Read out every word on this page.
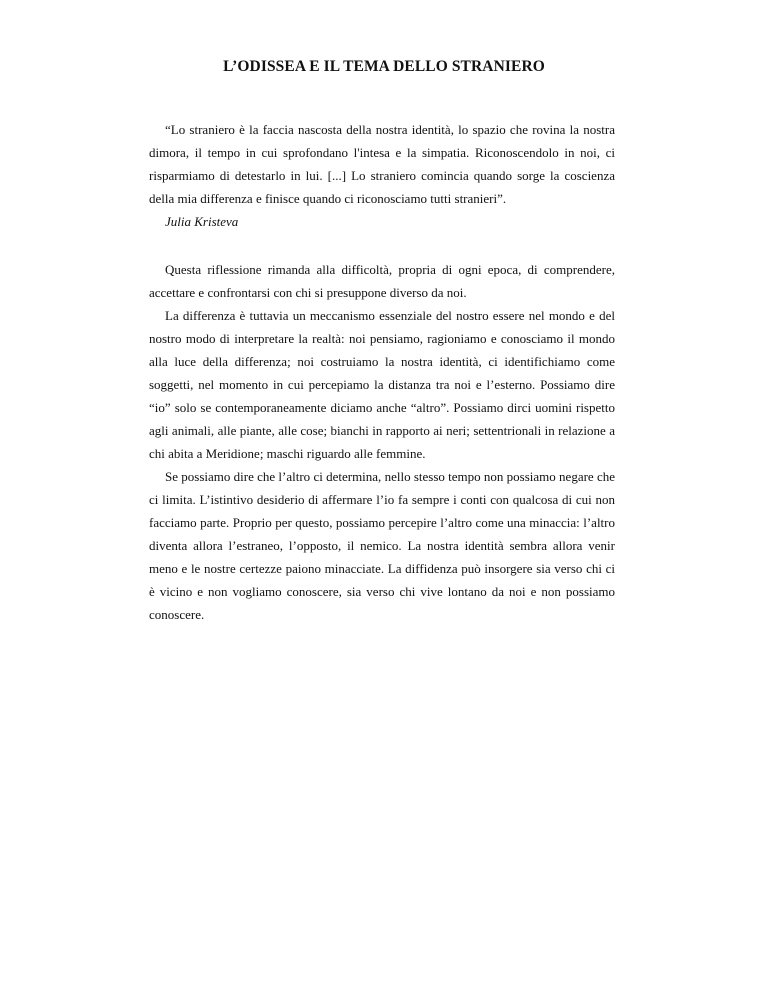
L’ODISSEA E IL TEMA DELLO STRANIERO

“Lo straniero è la faccia nascosta della nostra identità, lo spazio che rovina la nostra dimora, il tempo in cui sprofondano l'intesa e la simpatia. Riconoscendolo in noi, ci risparmiamo di detestarlo in lui. [...] Lo straniero comincia quando sorge la coscienza della mia differenza e finisce quando ci riconosciamo tutti stranieri”.

Julia Kristeva

Questa riflessione rimanda alla difficoltà, propria di ogni epoca, di comprendere, accettare e confrontarsi con chi si presuppone diverso da noi.

La differenza è tuttavia un meccanismo essenziale del nostro essere nel mondo e del nostro modo di interpretare la realtà: noi pensiamo, ragioniamo e conosciamo il mondo alla luce della differenza; noi costruiamo la nostra identità, ci identifichiamo come soggetti, nel momento in cui percepiamo la distanza tra noi e l’esterno. Possiamo dire “io” solo se contemporaneamente diciamo anche “altro”. Possiamo dirci uomini rispetto agli animali, alle piante, alle cose; bianchi in rapporto ai neri; settentrionali in relazione a chi abita a Meridione; maschi riguardo alle femmine.

Se possiamo dire che l’altro ci determina, nello stesso tempo non possiamo negare che ci limita. L’istintivo desiderio di affermare l’io fa sempre i conti con qualcosa di cui non facciamo parte. Proprio per questo, possiamo percepire l’altro come una minaccia: l’altro diventa allora l’estraneo, l’opposto, il nemico. La nostra identità sembra allora venir meno e le nostre certezze paiono minacciate. La diffidenza può insorgere sia verso chi ci è vicino e non vogliamo conoscere, sia verso chi vive lontano da noi e non possiamo conoscere.
